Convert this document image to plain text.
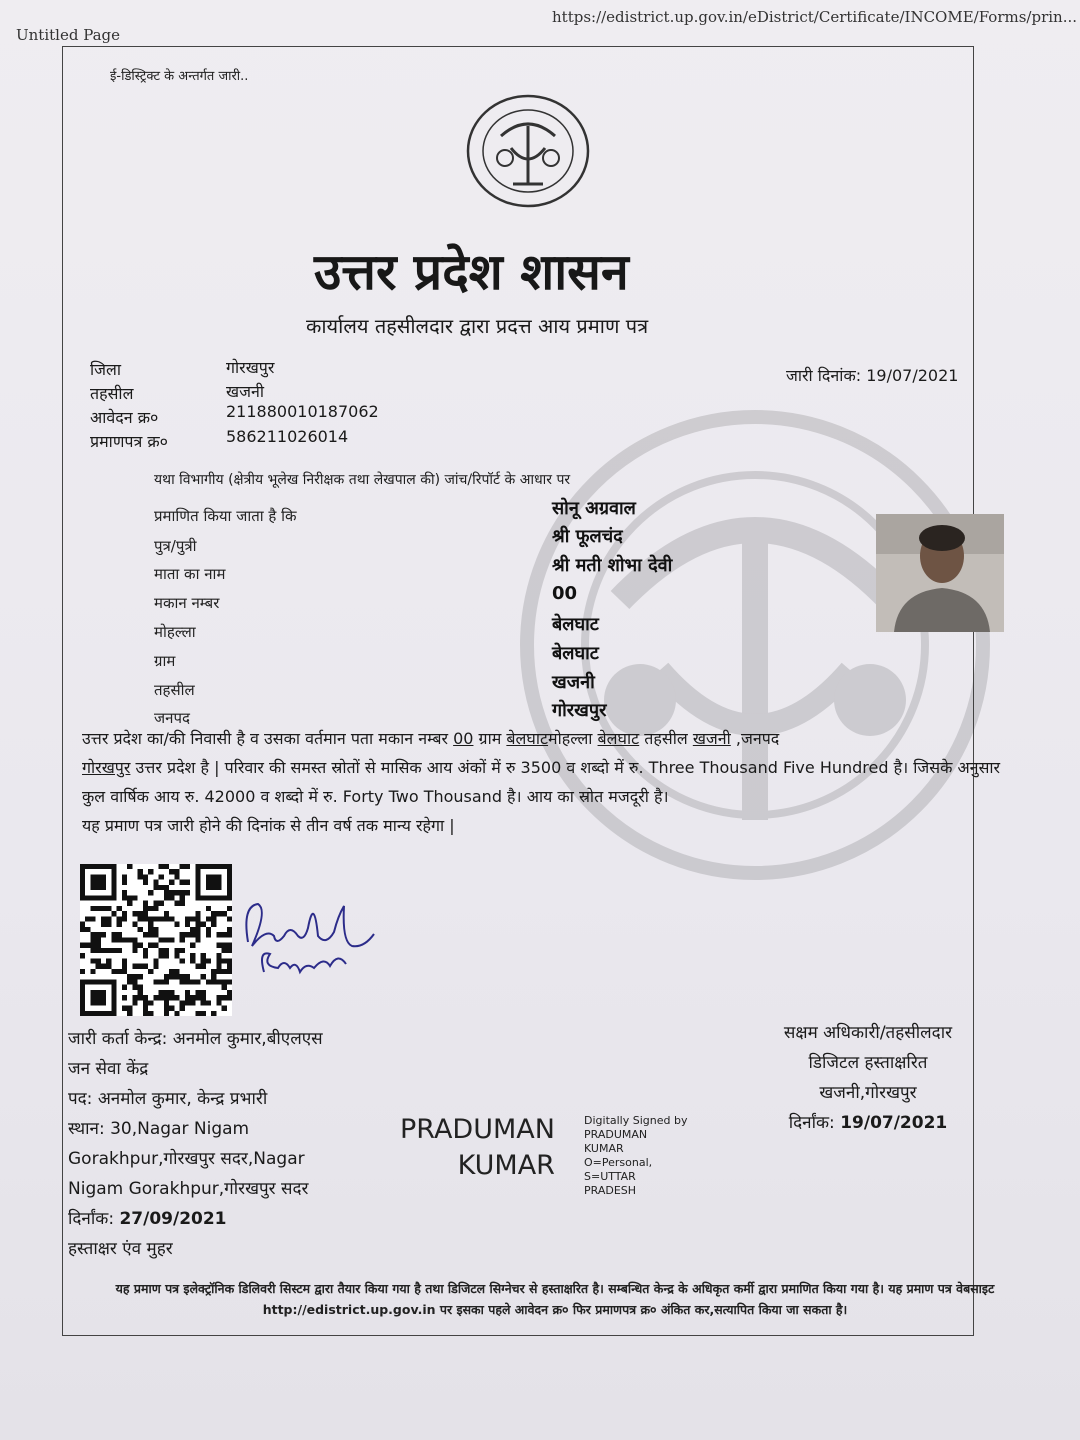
Untitled Page
https://edistrict.up.gov.in/eDistrict/Certificate/INCOME/Forms/prin...
ई-डिस्ट्रिक्ट के अन्तर्गत जारी..
उत्तर प्रदेश शासन
कार्यालय तहसीलदार द्वारा प्रदत्त आय प्रमाण पत्र
जिला	गोरखपुर
तहसील	खजनी
आवेदन क्र०	211880010187062
प्रमाणपत्र क्र०	586211026014
जारी दिनांक: 19/07/2021
यथा विभागीय (क्षेत्रीय भूलेख निरीक्षक तथा लेखपाल की) जांच/रिपॉर्ट के आधार पर
प्रमाणित किया जाता है कि	सोनू अग्रवाल
पुत्र/पुत्री	श्री फूलचंद
माता का नाम	श्री मती शोभा देवी
मकान नम्बर	00
मोहल्ला	बेलघाट
ग्राम	बेलघाट
तहसील	खजनी
जनपद	गोरखपुर
उत्तर प्रदेश का/की निवासी है व उसका वर्तमान पता मकान नम्बर 00 ग्राम बेलघाटमोहल्ला बेलघाट तहसील खजनी ,जनपद
गोरखपुर उत्तर प्रदेश है | परिवार की समस्त स्रोतों से मासिक आय अंकों में रु 3500 व शब्दो में रु. Three Thousand Five Hundred है। जिसके अनुसार कुल वार्षिक आय रु. 42000 व शब्दो में रु. Forty Two Thousand है। आय का स्रोत मजदूरी है।
यह प्रमाण पत्र जारी होने की दिनांक से तीन वर्ष तक मान्य रहेगा |
जारी कर्ता केन्द्र: अनमोल कुमार,बीएलएस
जन सेवा केंद्र
पद: अनमोल कुमार, केन्द्र प्रभारी
स्थान: 30,Nagar Nigam
Gorakhpur,गोरखपुर सदर,Nagar
Nigam Gorakhpur,गोरखपुर सदर
दिर्नांक: 27/09/2021
हस्ताक्षर एंव मुहर
सक्षम अधिकारी/तहसीलदार
डिजिटल हस्ताक्षरित
खजनी,गोरखपुर
दिर्नांक: 19/07/2021
PRADUMAN
KUMAR
Digitally Signed by
PRADUMAN
KUMAR
O=Personal,
S=UTTAR
PRADESH
यह प्रमाण पत्र इलेक्ट्रॉनिक डिलिवरी सिस्टम द्वारा तैयार किया गया है तथा डिजिटल सिग्नेचर से हस्ताक्षरित है। सम्बन्धित केन्द्र के अधिकृत कर्मी द्वारा प्रमाणित किया गया है। यह प्रमाण पत्र वेबसाइट http://edistrict.up.gov.in पर इसका पहले आवेदन क्र० फिर प्रमाणपत्र क्र० अंकित कर,सत्यापित किया जा सकता है।
